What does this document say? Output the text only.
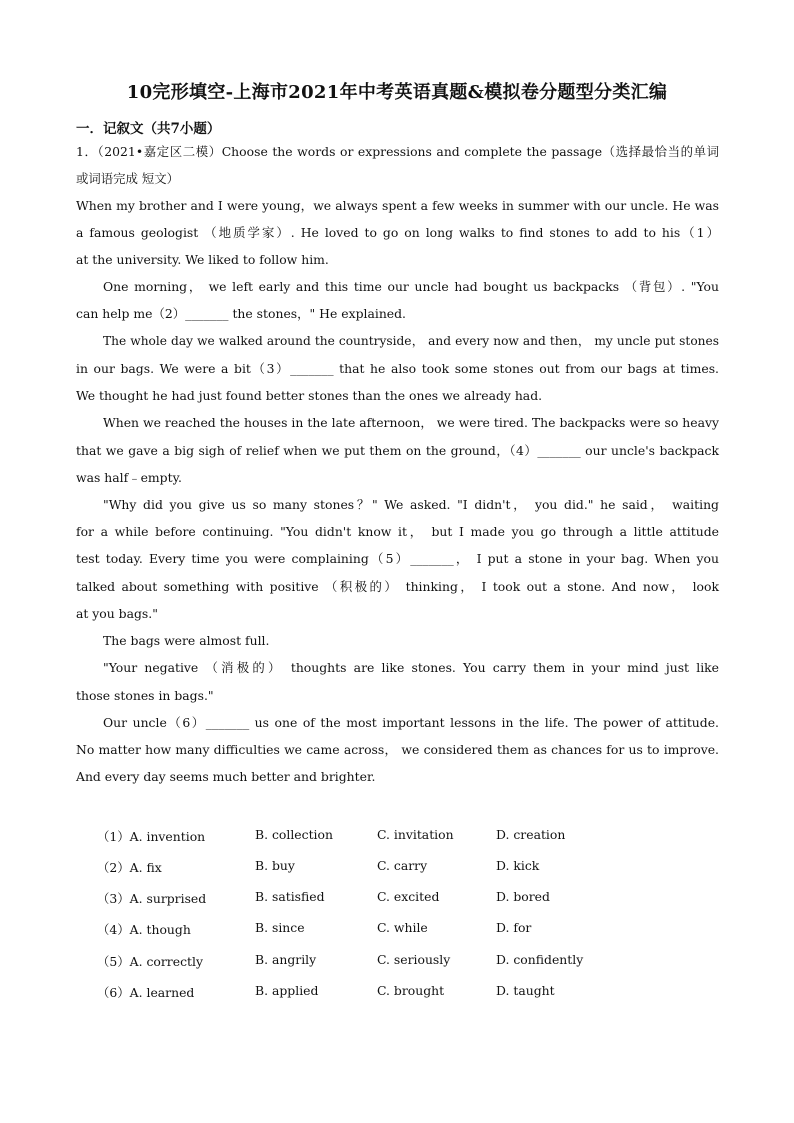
10完形填空-上海市2021年中考英语真题&模拟卷分题型分类汇编
一．记叙文（共7小题）
1．（2021•嘉定区二模）Choose the words or expressions and complete the passage（选择最恰当的单词
或词语完成 短文）
When my brother and I were young，we always spent a few weeks in summer with our uncle. He was
a famous geologist （地质学家）. He loved to go on long walks to find stones to add to his（1）
at the university. We liked to follow him.
One morning， we left early and this time our uncle had bought us backpacks （背包）. "You
can help me（2）_______ the stones，" He explained.
The whole day we walked around the countryside， and every now and then， my uncle put stones
in our bags. We were a bit（3）_______ that he also took some stones out from our bags at times.
We thought he had just found better stones than the ones we already had.
When we reached the houses in the late afternoon， we were tired. The backpacks were so heavy
that we gave a big sigh of relief when we put them on the ground，（4）_______ our uncle's backpack
was half﹣empty.
"Why did you give us so many stones？" We asked. "I didn't， you did." he said， waiting
for a while before continuing. "You didn't know it， but I made you go through a little attitude
test today. Every time you were complaining（5）_______， I put a stone in your bag. When you
talked about something with positive （积极的） thinking， I took out a stone. And now， look
at you bags."
The bags were almost full.
"Your negative （消极的） thoughts are like stones. You carry them in your mind just like
those stones in bags."
Our uncle（6）_______ us one of the most important lessons in the life. The power of attitude.
No matter how many difficulties we came across， we considered them as chances for us to improve.
And every day seems much better and brighter.
（1）A. invention	B. collection	C. invitation	D. creation
（2）A. fix	B. buy	C. carry	D. kick
（3）A. surprised	B. satisfied	C. excited	D. bored
（4）A. though	B. since	C. while	D. for
（5）A. correctly	B. angrily	C. seriously	D. confidently
（6）A. learned	B. applied	C. brought	D. taught
